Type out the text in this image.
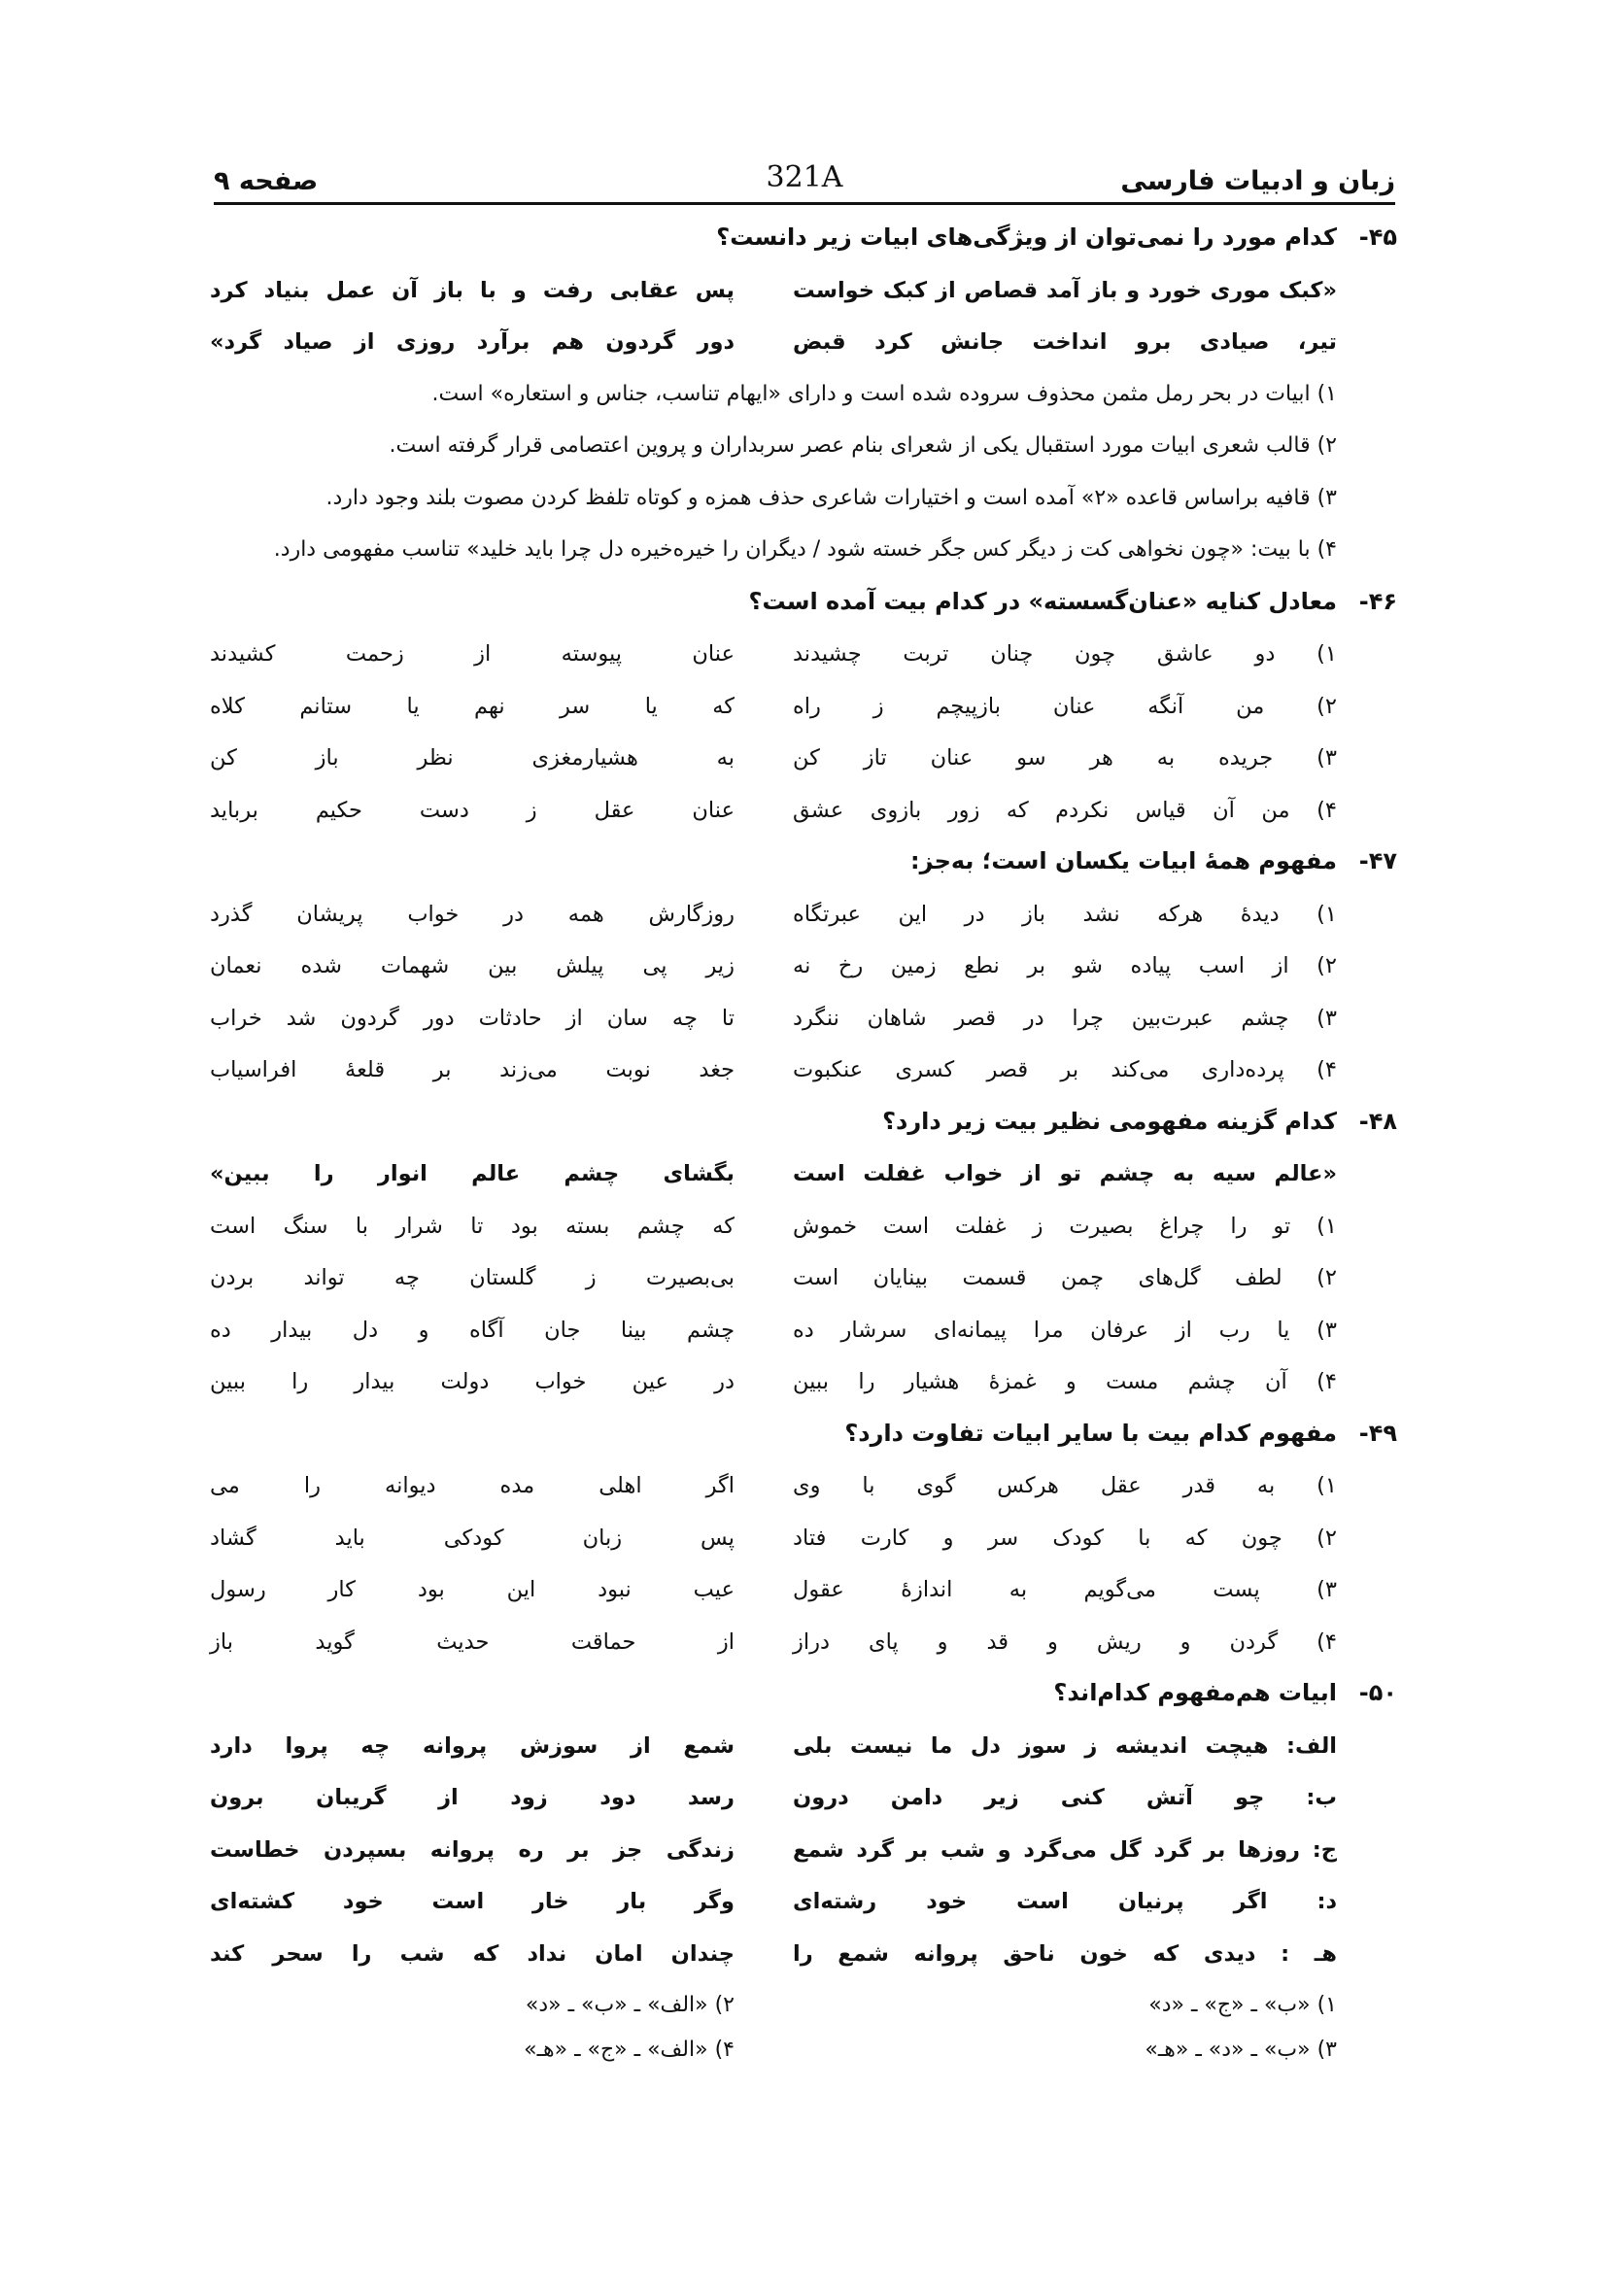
زبان و ادبیات فارسی
321A
صفحه ۹
۴۵-
کدام مورد را نمی‌توان از ویژگی‌های ابیات زیر دانست؟
«کبک موری خورد و باز آمد قصاص از کبک خواست
پس عقابی رفت و با باز آن عمل بنیاد کرد
تیر، صیادی برو انداخت جانش کرد قبض
دور گردون هم برآرد روزی از صیاد گرد»
۱) ابیات در بحر رمل مثمن محذوف سروده شده است و دارای «ایهام تناسب، جناس و استعاره» است.
۲) قالب شعری ابیات مورد استقبال یکی از شعرای بنام عصر سربداران و پروین اعتصامی قرار گرفته است.
۳) قافیه براساس قاعده «۲» آمده است و اختیارات شاعری حذف همزه و کوتاه تلفظ کردن مصوت بلند وجود دارد.
۴) با بیت: «چون نخواهی کت ز دیگر کس جگر خسته شود / دیگران را خیره‌خیره دل چرا باید خلید» تناسب مفهومی دارد.
۴۶-
معادل کنایه «عنان‌گسسته» در کدام بیت آمده است؟
۱) دو عاشق چون چنان تربت چشیدند
عنان پیوسته از زحمت کشیدند
۲) من آنگه عنان بازپیچم ز راه
که یا سر نهم یا ستانم کلاه
۳) جریده به هر سو عنان تاز کن
به هشیارمغزی نظر باز کن
۴) من آن قیاس نکردم که زور بازوی عشق
عنان عقل ز دست حکیم برباید
۴۷-
مفهوم همهٔ ابیات یکسان است؛ به‌جز:
۱) دیدهٔ هرکه نشد باز در این عبرتگاه
روزگارش همه در خواب پریشان گذرد
۲) از اسب پیاده شو بر نطع زمین رخ نه
زیر پی پیلش بین شهمات شده نعمان
۳) چشم عبرت‌بین چرا در قصر شاهان ننگرد
تا چه سان از حادثات دور گردون شد خراب
۴) پرده‌داری می‌کند بر قصر کسری عنکبوت
جغد نوبت می‌زند بر قلعهٔ افراسیاب
۴۸-
کدام گزینه مفهومی نظیر بیت زیر دارد؟
«عالم سیه به چشم تو از خواب غفلت است
بگشای چشم عالم انوار را ببین»
۱) تو را چراغ بصیرت ز غفلت است خموش
که چشم بسته بود تا شرار با سنگ است
۲) لطف گل‌های چمن قسمت بینایان است
بی‌بصیرت ز گلستان چه تواند بردن
۳) یا رب از عرفان مرا پیمانه‌ای سرشار ده
چشم بینا جان آگاه و دل بیدار ده
۴) آن چشم مست و غمزهٔ هشیار را ببین
در عین خواب دولت بیدار را ببین
۴۹-
مفهوم کدام بیت با سایر ابیات تفاوت دارد؟
۱) به قدر عقل هرکس گوی با وی
اگر اهلی مده دیوانه را می
۲) چون که با کودک سر و کارت فتاد
پس زبان کودکی باید گشاد
۳) پست می‌گویم به اندازهٔ عقول
عیب نبود این بود کار رسول
۴) گردن و ریش و قد و پای دراز
از حماقت حدیث گوید باز
۵۰-
ابیات هم‌مفهوم کدام‌اند؟
الف: هیچت اندیشه ز سوز دل ما نیست بلی
شمع از سوزش پروانه چه پروا دارد
ب: چو آتش کنی زیر دامن درون
رسد دود زود از گریبان برون
ج: روزها بر گرد گل می‌گرد و شب بر گرد شمع
زندگی جز بر ره پروانه بسپردن خطاست
د: اگر پرنیان است خود رشته‌ای
وگر بار خار است خود کشته‌ای
هـ : دیدی که خون ناحق پروانه شمع را
چندان امان نداد که شب را سحر کند
۱) «ب» ـ «ج» ـ «د»
۲) «الف» ـ «ب» ـ «د»
۳) «ب» ـ «د» ـ «هـ»
۴) «الف» ـ «ج» ـ «هـ»
